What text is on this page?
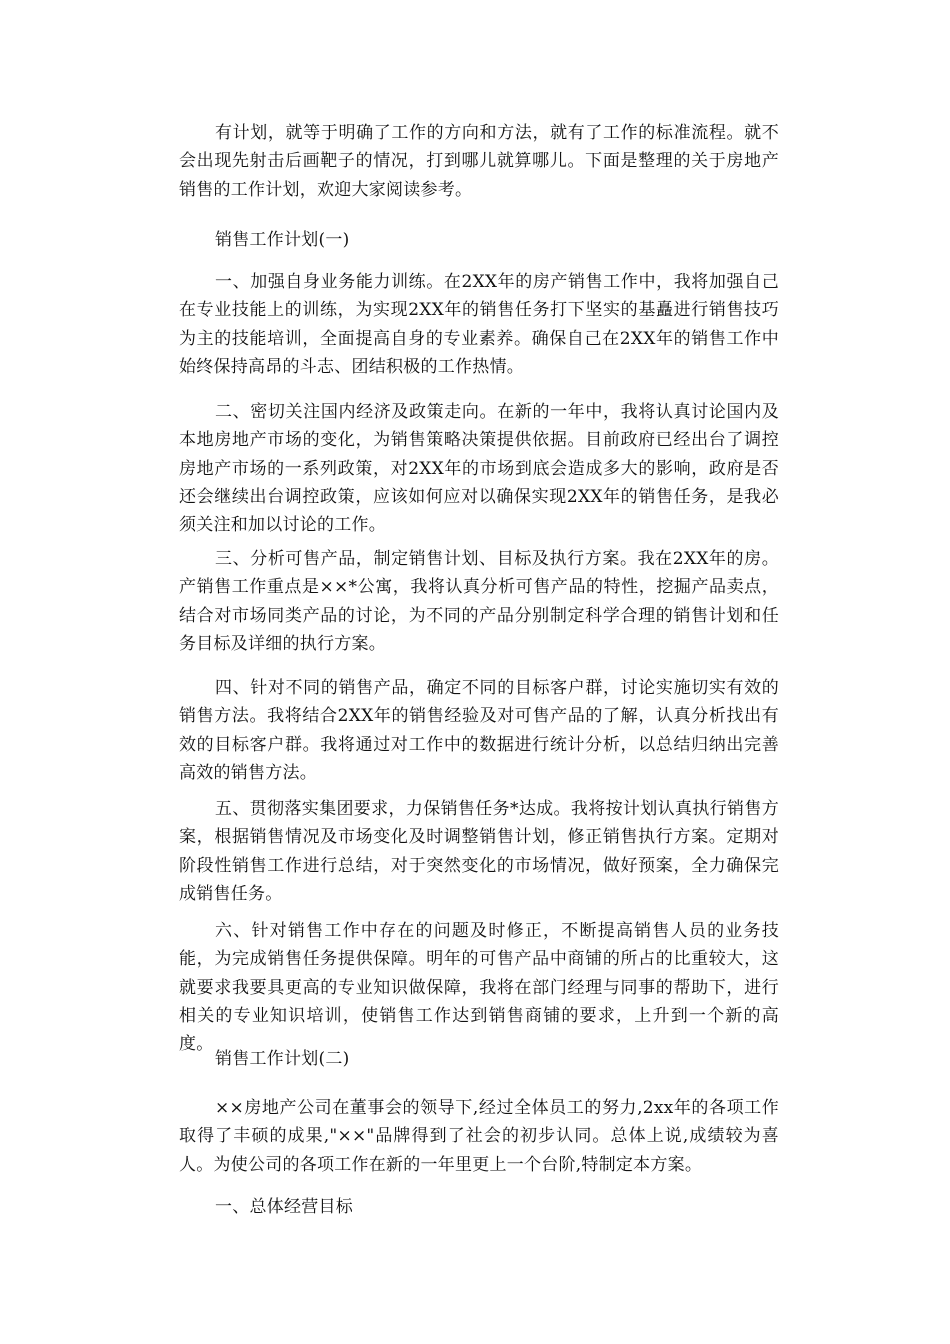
有计划，就等于明确了工作的方向和方法，就有了工作的标准流程。就不会出现先射击后画靶子的情况，打到哪儿就算哪儿。下面是整理的关于房地产销售的工作计划，欢迎大家阅读参考。

销售工作计划(一)

一、加强自身业务能力训练。在2XX年的房产销售工作中，我将加强自己在专业技能上的训练，为实现2XX年的销售任务打下坚实的基矗进行销售技巧为主的技能培训，全面提高自身的专业素养。确保自己在2XX年的销售工作中始终保持高昂的斗志、团结积极的工作热情。

二、密切关注国内经济及政策走向。在新的一年中，我将认真讨论国内及本地房地产市场的变化，为销售策略决策提供依据。目前政府已经出台了调控房地产市场的一系列政策，对2XX年的市场到底会造成多大的影响，政府是否还会继续出台调控政策，应该如何应对以确保实现2XX年的销售任务，是我必须关注和加以讨论的工作。

三、分析可售产品，制定销售计划、目标及执行方案。我在2XX年的房。产销售工作重点是××*公寓，我将认真分析可售产品的特性，挖掘产品卖点，结合对市场同类产品的讨论，为不同的产品分别制定科学合理的销售计划和任务目标及详细的执行方案。

四、针对不同的销售产品，确定不同的目标客户群，讨论实施切实有效的销售方法。我将结合2XX年的销售经验及对可售产品的了解，认真分析找出有效的目标客户群。我将通过对工作中的数据进行统计分析，以总结归纳出完善高效的销售方法。

五、贯彻落实集团要求，力保销售任务*达成。我将按计划认真执行销售方案，根据销售情况及市场变化及时调整销售计划，修正销售执行方案。定期对阶段性销售工作进行总结，对于突然变化的市场情况，做好预案，全力确保完成销售任务。

六、针对销售工作中存在的问题及时修正，不断提高销售人员的业务技能，为完成销售任务提供保障。明年的可售产品中商铺的所占的比重较大，这就要求我要具更高的专业知识做保障，我将在部门经理与同事的帮助下，进行相关的专业知识培训，使销售工作达到销售商铺的要求，上升到一个新的高度。

销售工作计划(二)

××房地产公司在董事会的领导下,经过全体员工的努力,2xx年的各项工作取得了丰硕的成果,"××"品牌得到了社会的初步认同。总体上说,成绩较为喜人。为使公司的各项工作在新的一年里更上一个台阶,特制定本方案。

一、总体经营目标
